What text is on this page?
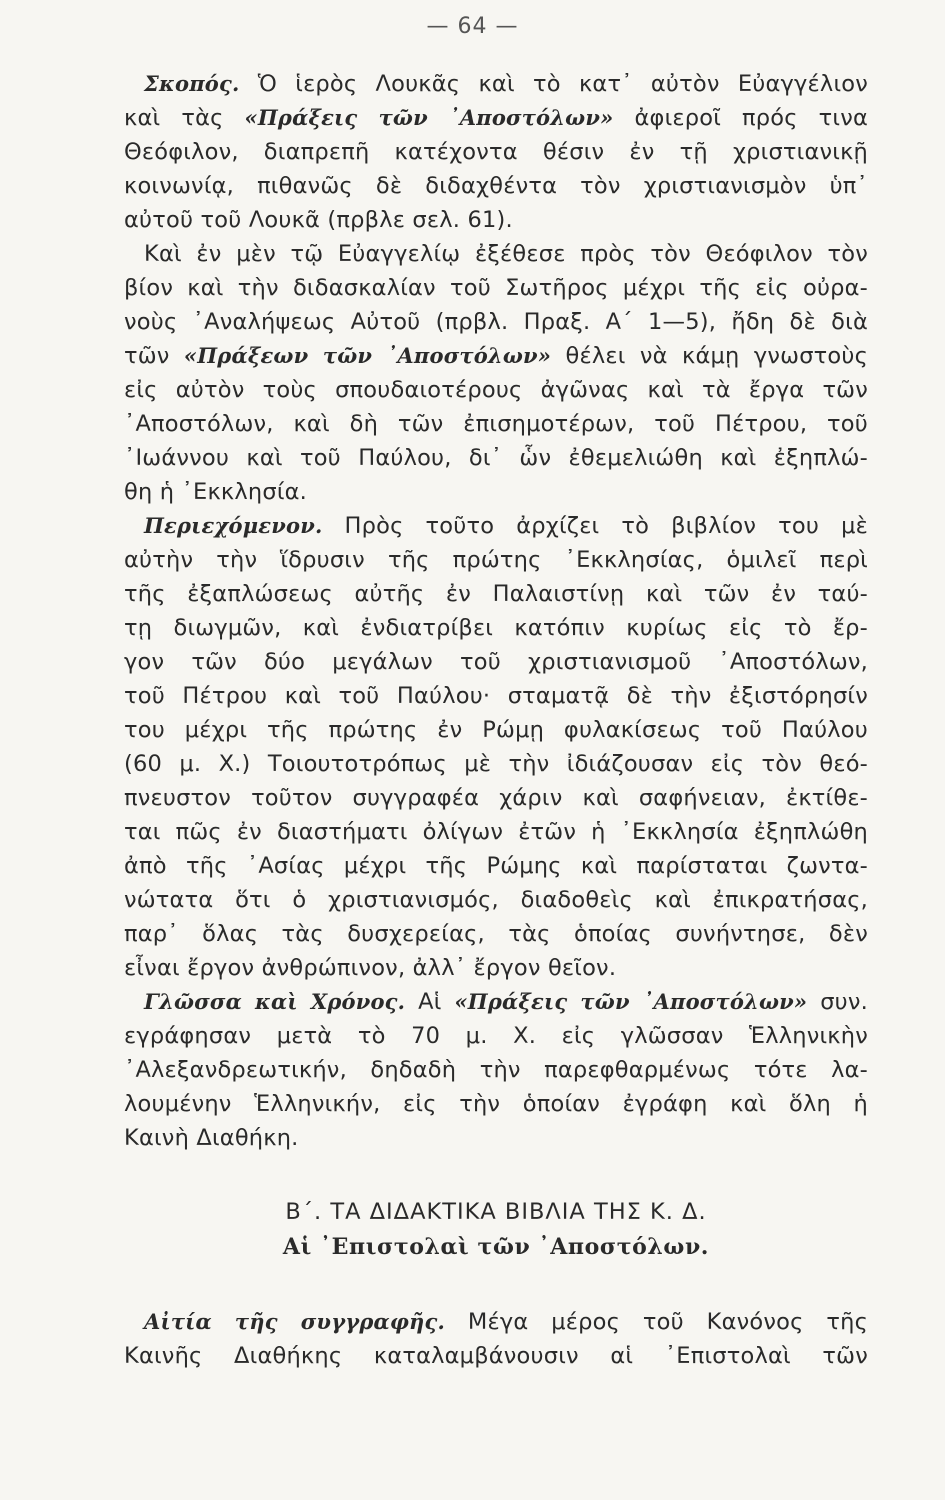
— 64 —
Σκοπός. Ὁ ἱερὸς Λουκᾶς καὶ τὸ κατ᾽ αὐτὸν Εὐαγγέλιον
καὶ τὰς «Πράξεις τῶν ᾿Αποστόλων» ἀφιεροῖ πρός τινα
Θεόφιλον, διαπρεπῆ κατέχοντα θέσιν ἐν τῇ χριστιανικῇ
κοινωνίᾳ, πιθανῶς δὲ διδαχθέντα τὸν χριστιανισμὸν ὑπ᾽
αὐτοῦ τοῦ Λουκᾶ (πρβλε σελ. 61).
Καὶ ἐν μὲν τῷ Εὐαγγελίῳ ἐξέθεσε πρὸς τὸν Θεόφιλον τὸν
βίον καὶ τὴν διδασκαλίαν τοῦ Σωτῆρος μέχρι τῆς εἰς οὐρα-
νοὺς ᾿Αναλήψεως Αὐτοῦ (πρβλ. Πραξ. Α΄ 1—5), ἤδη δὲ διὰ
τῶν «Πράξεων τῶν ᾿Αποστόλων» θέλει νὰ κάμῃ γνωστοὺς
εἰς αὐτὸν τοὺς σπουδαιοτέρους ἀγῶνας καὶ τὰ ἔργα τῶν
᾿Αποστόλων, καὶ δὴ τῶν ἐπισημοτέρων, τοῦ Πέτρου, τοῦ
᾿Ιωάννου καὶ τοῦ Παύλου, δι᾽ ὧν ἐθεμελιώθη καὶ ἐξηπλώ-
θη ἡ ᾿Εκκλησία.
Περιεχόμενον. Πρὸς τοῦτο ἀρχίζει τὸ βιβλίον του μὲ
αὐτὴν τὴν ἵδρυσιν τῆς πρώτης ᾿Εκκλησίας, ὁμιλεῖ περὶ
τῆς ἐξαπλώσεως αὐτῆς ἐν Παλαιστίνῃ καὶ τῶν ἐν ταύ-
τῃ διωγμῶν, καὶ ἐνδιατρίβει κατόπιν κυρίως εἰς τὸ ἔρ-
γον τῶν δύο μεγάλων τοῦ χριστιανισμοῦ ᾿Αποστόλων,
τοῦ Πέτρου καὶ τοῦ Παύλου· σταματᾷ δὲ τὴν ἐξιστόρησίν
του μέχρι τῆς πρώτης ἐν Ρώμῃ φυλακίσεως τοῦ Παύλου
(60 μ. Χ.) Τοιουτοτρόπως μὲ τὴν ἰδιάζουσαν εἰς τὸν θεό-
πνευστον τοῦτον συγγραφέα χάριν καὶ σαφήνειαν, ἐκτίθε-
ται πῶς ἐν διαστήματι ὀλίγων ἐτῶν ἡ ᾿Εκκλησία ἐξηπλώθη
ἀπὸ τῆς ᾿Ασίας μέχρι τῆς Ρώμης καὶ παρίσταται ζωντα-
νώτατα ὅτι ὁ χριστιανισμός, διαδοθεὶς καὶ ἐπικρατήσας,
παρ᾽ ὅλας τὰς δυσχερείας, τὰς ὁποίας συνήντησε, δὲν
εἶναι ἔργον ἀνθρώπινον, ἀλλ᾽ ἔργον θεῖον.
Γλῶσσα καὶ Χρόνος. Αἱ «Πράξεις τῶν ᾿Αποστόλων» συν.
εγράφησαν μετὰ τὸ 70 μ. Χ. εἰς γλῶσσαν Ἑλληνικὴν
᾿Αλεξανδρεωτικήν, δηδαδὴ τὴν παρεφθαρμένως τότε λα-
λουμένην Ἑλληνικήν, εἰς τὴν ὁποίαν ἐγράφη καὶ ὅλη ἡ
Καινὴ Διαθήκη.
Β΄. ΤΑ ΔΙΔΑΚΤΙΚΑ ΒΙΒΛΙΑ ΤΗΣ Κ. Δ.
Αἱ ᾿Επιστολαὶ τῶν ᾿Αποστόλων.
Αἰτία τῆς συγγραφῆς. Μέγα μέρος τοῦ Κανόνος τῆς
Καινῆς Διαθήκης καταλαμβάνουσιν αἱ ᾿Επιστολαὶ τῶν
